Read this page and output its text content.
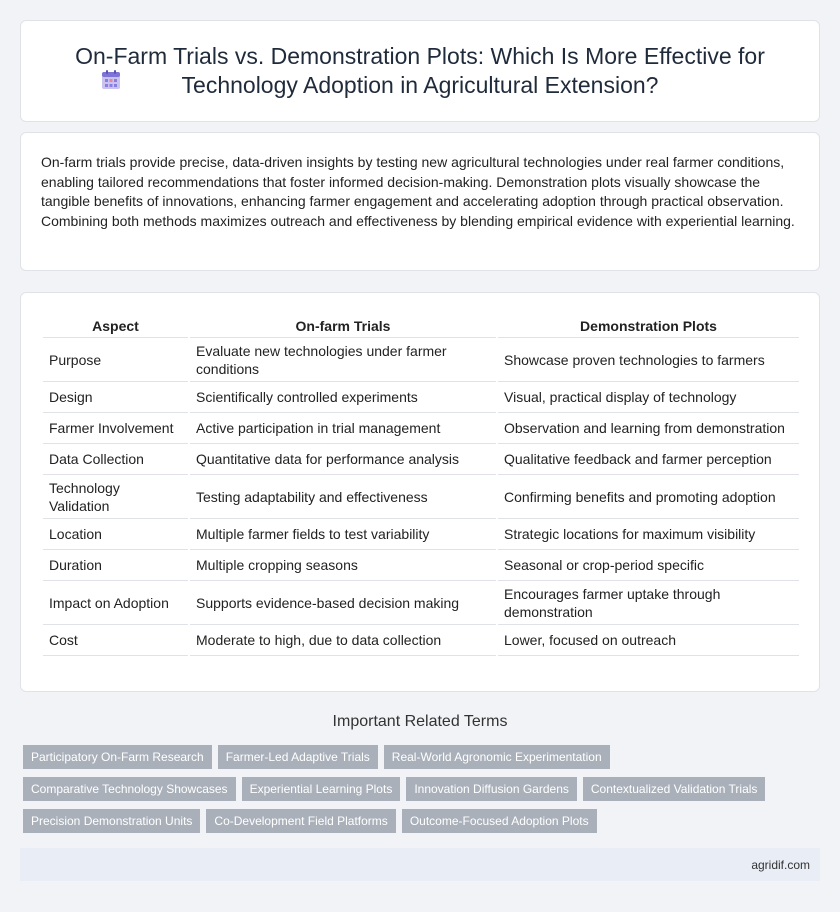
On-Farm Trials vs. Demonstration Plots: Which Is More Effective for Technology Adoption in Agricultural Extension?

On-farm trials provide precise, data-driven insights by testing new agricultural technologies under real farmer conditions, enabling tailored recommendations that foster informed decision-making. Demonstration plots visually showcase the tangible benefits of innovations, enhancing farmer engagement and accelerating adoption through practical observation. Combining both methods maximizes outreach and effectiveness by blending empirical evidence with experiential learning.

Aspect	On-farm Trials	Demonstration Plots
Purpose	Evaluate new technologies under farmer conditions	Showcase proven technologies to farmers
Design	Scientifically controlled experiments	Visual, practical display of technology
Farmer Involvement	Active participation in trial management	Observation and learning from demonstration
Data Collection	Quantitative data for performance analysis	Qualitative feedback and farmer perception
Technology Validation	Testing adaptability and effectiveness	Confirming benefits and promoting adoption
Location	Multiple farmer fields to test variability	Strategic locations for maximum visibility
Duration	Multiple cropping seasons	Seasonal or crop-period specific
Impact on Adoption	Supports evidence-based decision making	Encourages farmer uptake through demonstration
Cost	Moderate to high, due to data collection	Lower, focused on outreach
Important Related Terms
Participatory On-Farm Research	Farmer-Led Adaptive Trials	Real-World Agronomic Experimentation
Comparative Technology Showcases	Experiential Learning Plots	Innovation Diffusion Gardens	Contextualized Validation Trials
Precision Demonstration Units	Co-Development Field Platforms	Outcome-Focused Adoption Plots
agridif.com
